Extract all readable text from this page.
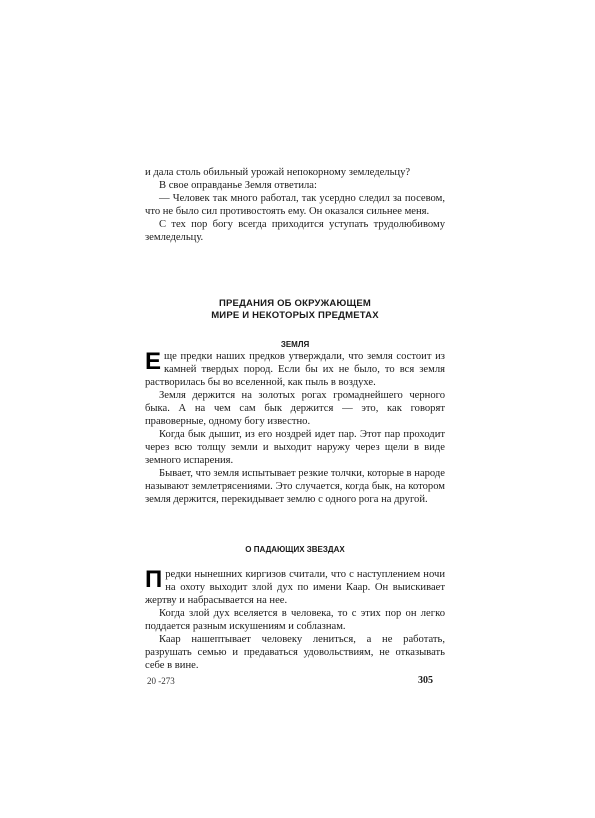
и дала столь обильный урожай непокорному земледельцу?

В свое оправданье Земля ответила:

— Человек так много работал, так усердно следил за посевом, что не было сил противостоять ему. Он оказался сильнее меня.

С тех пор богу всегда приходится уступать трудолюбивому земледельцу.

ПРЕДАНИЯ ОБ ОКРУЖАЮЩЕМ
МИРЕ И НЕКОТОРЫХ ПРЕДМЕТАХ
ЗЕМЛЯ

Еще предки наших предков утверждали, что земля состоит из камней твердых пород. Если бы их не было, то вся земля растворилась бы во вселенной, как пыль в воздухе.

Земля держится на золотых рогах громаднейшего черного быка. А на чем сам бык держится — это, как говорят правоверные, одному богу известно.

Когда бык дышит, из его ноздрей идет пар. Этот пар проходит через всю толщу земли и выходит наружу через щели в виде земного испарения.

Бывает, что земля испытывает резкие толчки, которые в народе называют землетрясениями. Это случается, когда бык, на котором земля держится, перекидывает землю с одного рога на другой.

О ПАДАЮЩИХ ЗВЕЗДАХ

Предки нынешних киргизов считали, что с наступлением ночи на охоту выходит злой дух по имени Каар. Он выискивает жертву и набрасывается на нее.

Когда злой дух вселяется в человека, то с этих пор он легко поддается разным искушениям и соблазнам.

Каар нашептывает человеку лениться, а не работать, разрушать семью и предаваться удовольствиям, не отказывать себе в вине.

20 -273	305
